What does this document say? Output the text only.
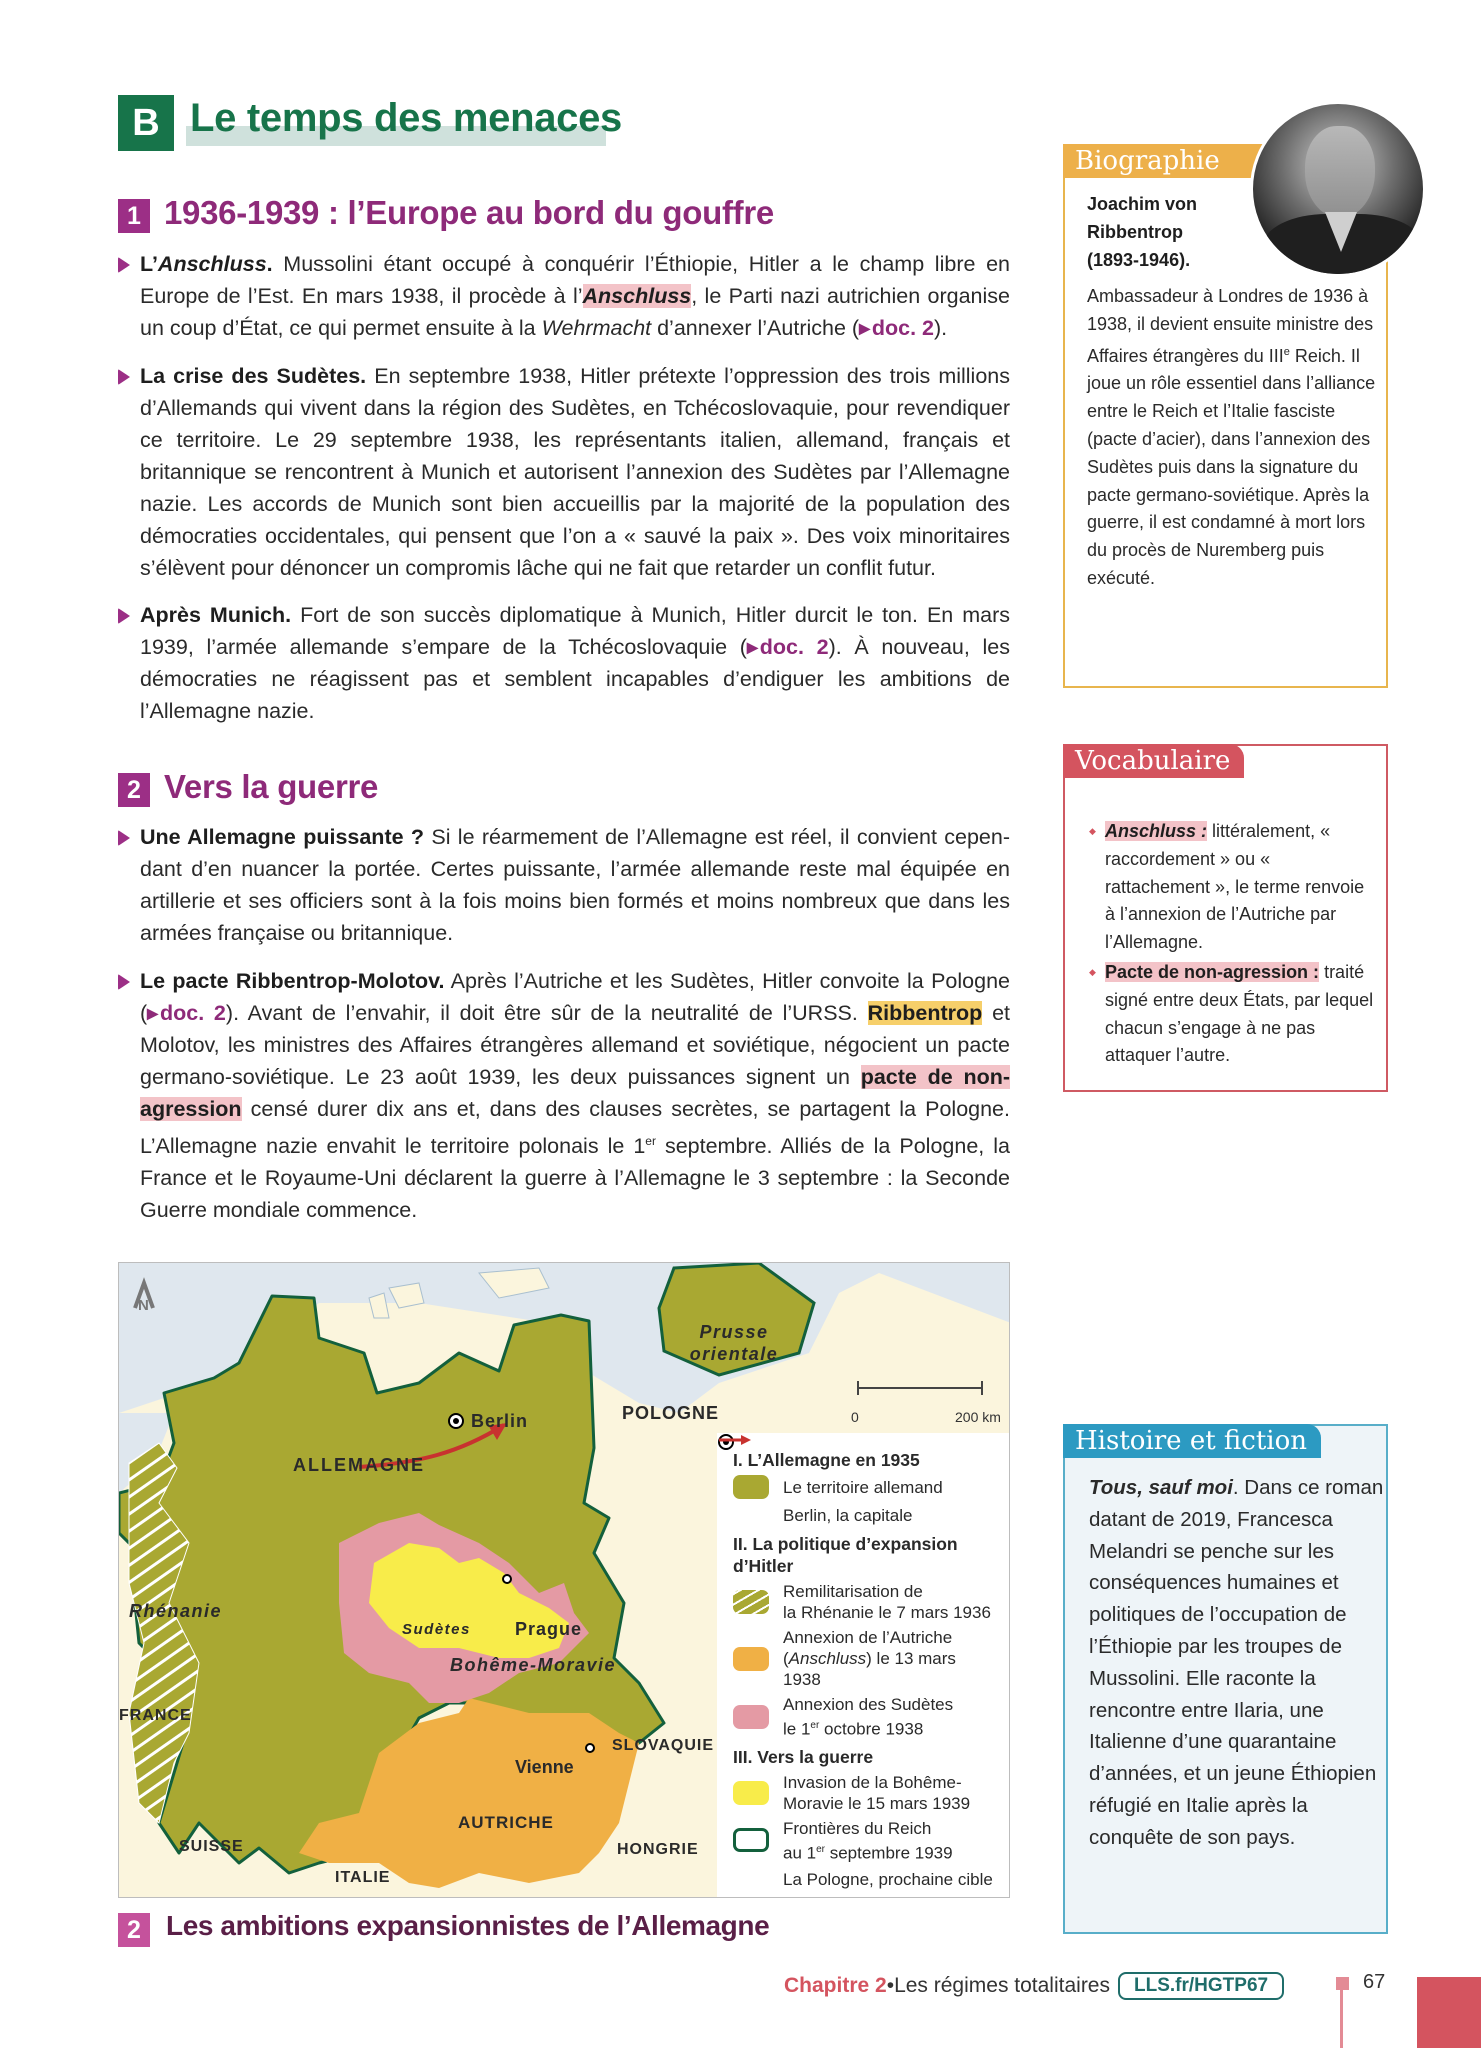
B Le temps des menaces
1 1936-1939 : l’Europe au bord du gouffre
L’Anschluss. Mussolini étant occupé à conquérir l’Éthiopie, Hitler a le champ libre en Europe de l’Est. En mars 1938, il procède à l’Anschluss, le Parti nazi autrichien organise un coup d’État, ce qui permet ensuite à la Wehrmacht d’annexer l’Autriche ( ▸ doc. 2).
La crise des Sudètes. En septembre 1938, Hitler prétexte l’oppression des trois millions d’Allemands qui vivent dans la région des Sudètes, en Tchécoslovaquie, pour revendiquer ce territoire. Le 29 septembre 1938, les représentants italien, allemand, français et britannique se rencontrent à Munich et autorisent l’annexion des Sudètes par l’Allemagne nazie. Les accords de Munich sont bien accueillis par la majorité de la population des démocraties occidentales, qui pensent que l’on a « sauvé la paix ». Des voix minoritaires s’élèvent pour dénoncer un compromis lâche qui ne fait que retarder un conflit futur.
Après Munich. Fort de son succès diplomatique à Munich, Hitler durcit le ton. En mars 1939, l’armée allemande s’empare de la Tchécoslovaquie ( ▸ doc. 2). À nouveau, les démocraties ne réagissent pas et semblent incapables d’endiguer les ambitions de l’Allemagne nazie.
2 Vers la guerre
Une Allemagne puissante ? Si le réarmement de l’Allemagne est réel, il convient cependant d’en nuancer la portée. Certes puissante, l’armée allemande reste mal équipée en artillerie et ses officiers sont à la fois moins bien formés et moins nombreux que dans les armées française ou britannique.
Le pacte Ribbentrop-Molotov. Après l’Autriche et les Sudètes, Hitler convoite la Pologne ( ▸ doc. 2). Avant de l’envahir, il doit être sûr de la neutralité de l’URSS. Ribbentrop et Molotov, les ministres des Affaires étrangères allemand et soviétique, négocient un pacte germano-soviétique. Le 23 août 1939, les deux puissances signent un pacte de non-agression censé durer dix ans et, dans des clauses secrètes, se partagent la Pologne. L’Allemagne nazie envahit le territoire polonais le 1er septembre. Alliés de la Pologne, la France et le Royaume-Uni déclarent la guerre à l’Allemagne le 3 septembre : la Seconde Guerre mondiale commence.
Biographie
Joachim von
Ribbentrop
(1893-1946).
Ambassadeur à Londres de 1936 à 1938, il devient ensuite ministre des Affaires étrangères du IIIe Reich. Il joue un rôle essentiel dans l’alliance entre le Reich et l’Italie fasciste (pacte d’acier), dans l’annexion des Sudètes puis dans la signature du pacte germano-soviétique. Après la guerre, il est condamné à mort lors du procès de Nuremberg puis exécuté.
Vocabulaire
◆ Anschluss : littéralement, « raccordement » ou « rattachement », le terme renvoie à l’annexion de l’Autriche par l’Allemagne.
◆ Pacte de non-agression : traité signé entre deux États, par lequel chacun s’engage à ne pas attaquer l’autre.
Histoire et fiction
Tous, sauf moi. Dans ce roman datant de 2019, Francesca Melandri se penche sur les conséquences humaines et politiques de l’occupation de l’Éthiopie par les troupes de Mussolini. Elle raconte la rencontre entre Ilaria, une Italienne d’une quarantaine d’années, et un jeune Éthiopien réfugié en Italie après la conquête de son pays.
N
Prusse orientale
Berlin	POLOGNE
ALLEMAGNE
Rhénanie
Sudètes Prague
Bohême-Moravie
FRANCE
SLOVAQUIE
Vienne
AUTRICHE
SUISSE	HONGRIE
ITALIE
0	200 km
I. L’Allemagne en 1935
Le territoire allemand
Berlin, la capitale
II. La politique d’expansion d’Hitler
Remilitarisation de
la Rhénanie le 7 mars 1936
Annexion de l’Autriche
(Anschluss) le 13 mars 1938
Annexion des Sudètes
le 1er octobre 1938
III. Vers la guerre
Invasion de la Bohême-
Moravie le 15 mars 1939
Frontières du Reich
au 1er septembre 1939
La Pologne, prochaine cible
2 Les ambitions expansionnistes de l’Allemagne
Chapitre 2 • Les régimes totalitaires	LLS.fr/HGTP67	67
